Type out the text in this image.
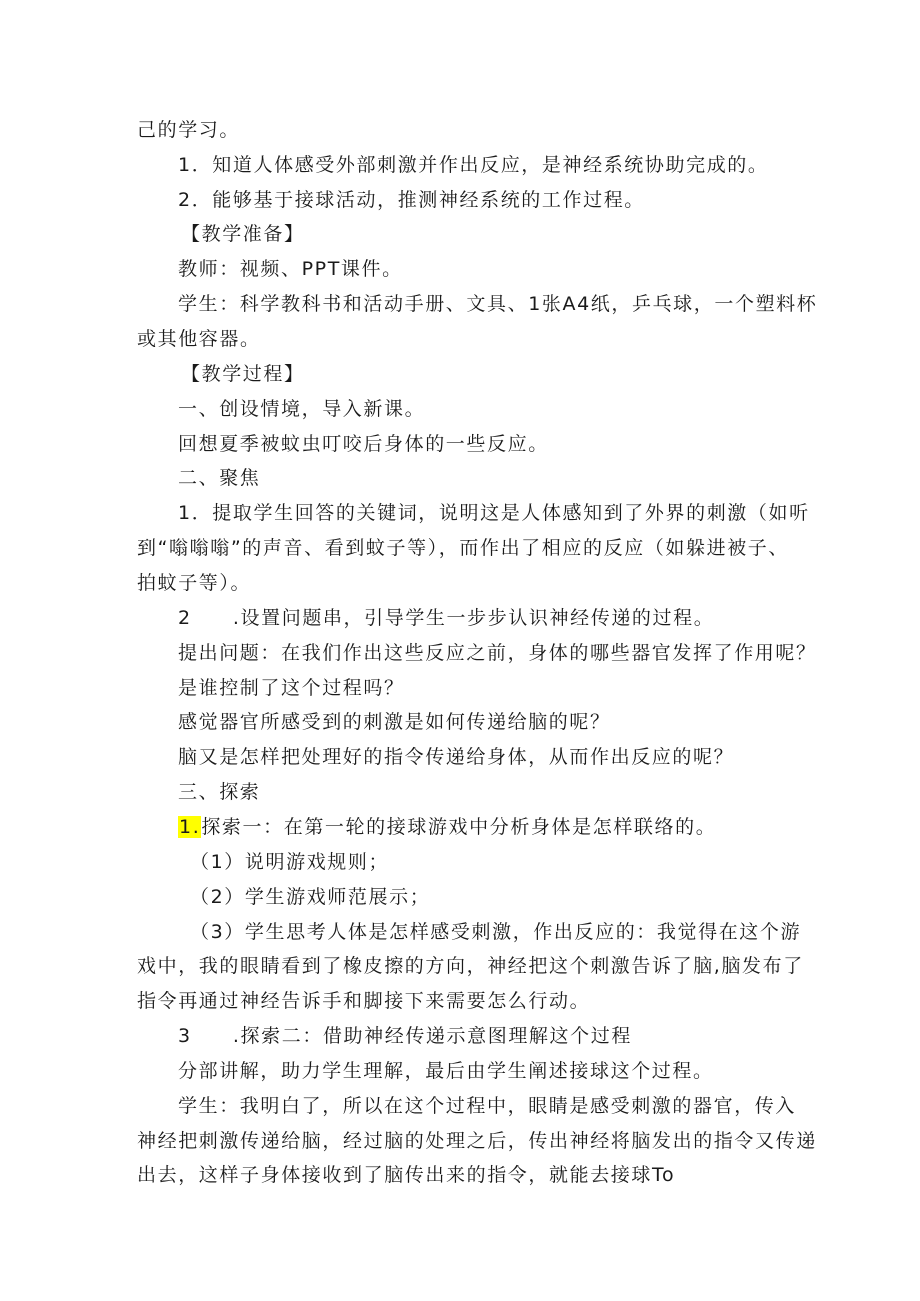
己的学习。
1．知道人体感受外部刺激并作出反应，是神经系统协助完成的。
2．能够基于接球活动，推测神经系统的工作过程。
【教学准备】
教师：视频、PPT课件。
学生：科学教科书和活动手册、文具、1张A4纸，乒乓球，一个塑料杯
或其他容器。
【教学过程】
一、创设情境，导入新课。
回想夏季被蚊虫叮咬后身体的一些反应。
二、聚焦
1．提取学生回答的关键词，说明这是人体感知到了外界的刺激（如听
到“嗡嗡嗡”的声音、看到蚊子等），而作出了相应的反应（如躲进被子、
拍蚊子等）。
2　　.设置问题串，引导学生一步步认识神经传递的过程。
提出问题：在我们作出这些反应之前，身体的哪些器官发挥了作用呢？
是谁控制了这个过程吗？
感觉器官所感受到的刺激是如何传递给脑的呢？
脑又是怎样把处理好的指令传递给身体，从而作出反应的呢？
三、探索
1.探索一：在第一轮的接球游戏中分析身体是怎样联络的。
（1）说明游戏规则；
（2）学生游戏师范展示；
（3）学生思考人体是怎样感受刺激，作出反应的：我觉得在这个游
戏中，我的眼睛看到了橡皮擦的方向，神经把这个刺激告诉了脑,脑发布了
指令再通过神经告诉手和脚接下来需要怎么行动。
3　　.探索二：借助神经传递示意图理解这个过程
分部讲解，助力学生理解，最后由学生阐述接球这个过程。
学生：我明白了，所以在这个过程中，眼睛是感受刺激的器官，传入
神经把刺激传递给脑，经过脑的处理之后，传出神经将脑发出的指令又传递
出去，这样子身体接收到了脑传出来的指令，就能去接球To
